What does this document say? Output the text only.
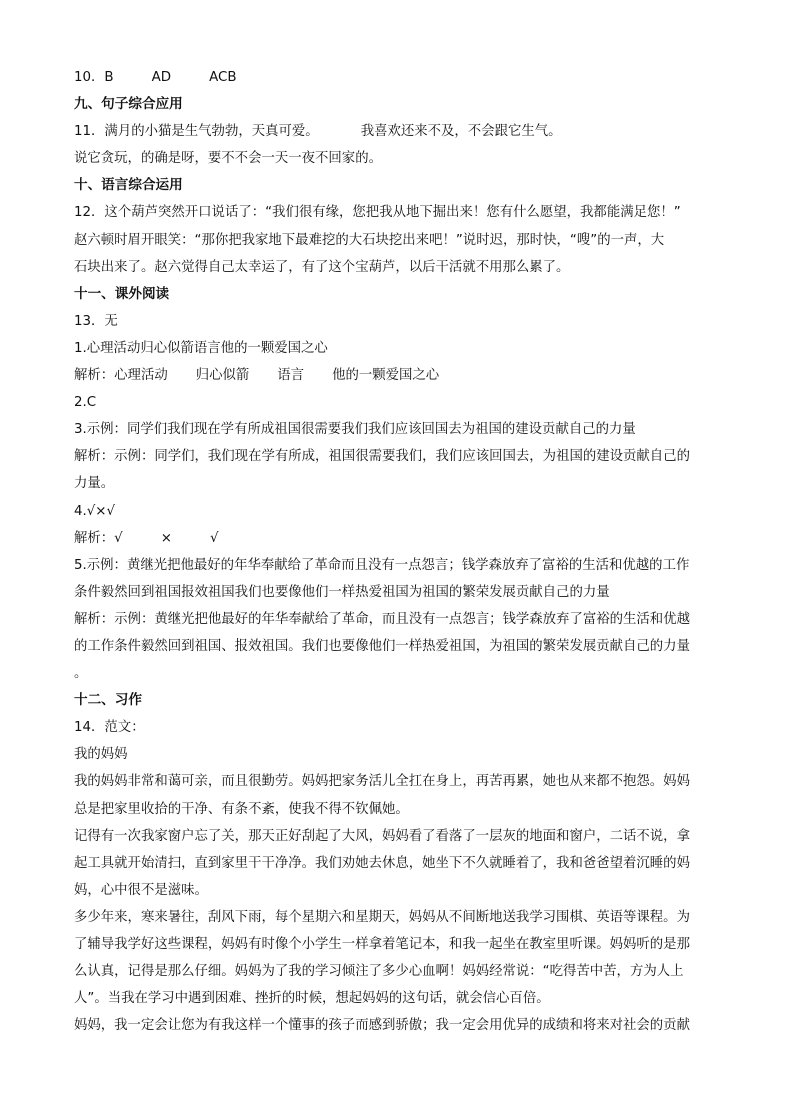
10．B	AD	ACB
九、句子综合应用
11．满月的小猫是生气勃勃，天真可爱。	我喜欢还来不及，不会跟它生气。
说它贪玩，的确是呀，要不不会一天一夜不回家的。
十、语言综合运用
12．这个葫芦突然开口说话了：“我们很有缘，您把我从地下掘出来！您有什么愿望，我都能满足您！”
赵六顿时眉开眼笑：“那你把我家地下最难挖的大石块挖出来吧！”说时迟，那时快，“嗖”的一声，大
石块出来了。赵六觉得自己太幸运了，有了这个宝葫芦，以后干活就不用那么累了。
十一、课外阅读
13．无
1.心理活动归心似箭语言他的一颗爱国之心
解析：心理活动 归心似箭 语言 他的一颗爱国之心
2.C
3.示例：同学们我们现在学有所成祖国很需要我们我们应该回国去为祖国的建设贡献自己的力量
解析：示例：同学们，我们现在学有所成，祖国很需要我们，我们应该回国去，为祖国的建设贡献自己的
力量。
4.√×√
解析：√	×	√
5.示例：黄继光把他最好的年华奉献给了革命而且没有一点怨言；钱学森放弃了富裕的生活和优越的工作
条件毅然回到祖国报效祖国我们也要像他们一样热爱祖国为祖国的繁荣发展贡献自己的力量
解析：示例：黄继光把他最好的年华奉献给了革命，而且没有一点怨言；钱学森放弃了富裕的生活和优越
的工作条件毅然回到祖国、报效祖国。我们也要像他们一样热爱祖国，为祖国的繁荣发展贡献自己的力量
。
十二、习作
14．范文：
我的妈妈
我的妈妈非常和蔼可亲，而且很勤劳。妈妈把家务活儿全扛在身上，再苦再累，她也从来都不抱怨。妈妈
总是把家里收拾的干净、有条不紊，使我不得不钦佩她。
记得有一次我家窗户忘了关，那天正好刮起了大风，妈妈看了看落了一层灰的地面和窗户，二话不说，拿
起工具就开始清扫，直到家里干干净净。我们劝她去休息，她坐下不久就睡着了，我和爸爸望着沉睡的妈
妈，心中很不是滋味。
多少年来，寒来暑往，刮风下雨，每个星期六和星期天，妈妈从不间断地送我学习围棋、英语等课程。为
了辅导我学好这些课程，妈妈有时像个小学生一样拿着笔记本，和我一起坐在教室里听课。妈妈听的是那
么认真，记得是那么仔细。妈妈为了我的学习倾注了多少心血啊！妈妈经常说：“吃得苦中苦，方为人上
人”。当我在学习中遇到困难、挫折的时候，想起妈妈的这句话，就会信心百倍。
妈妈，我一定会让您为有我这样一个懂事的孩子而感到骄傲；我一定会用优异的成绩和将来对社会的贡献
